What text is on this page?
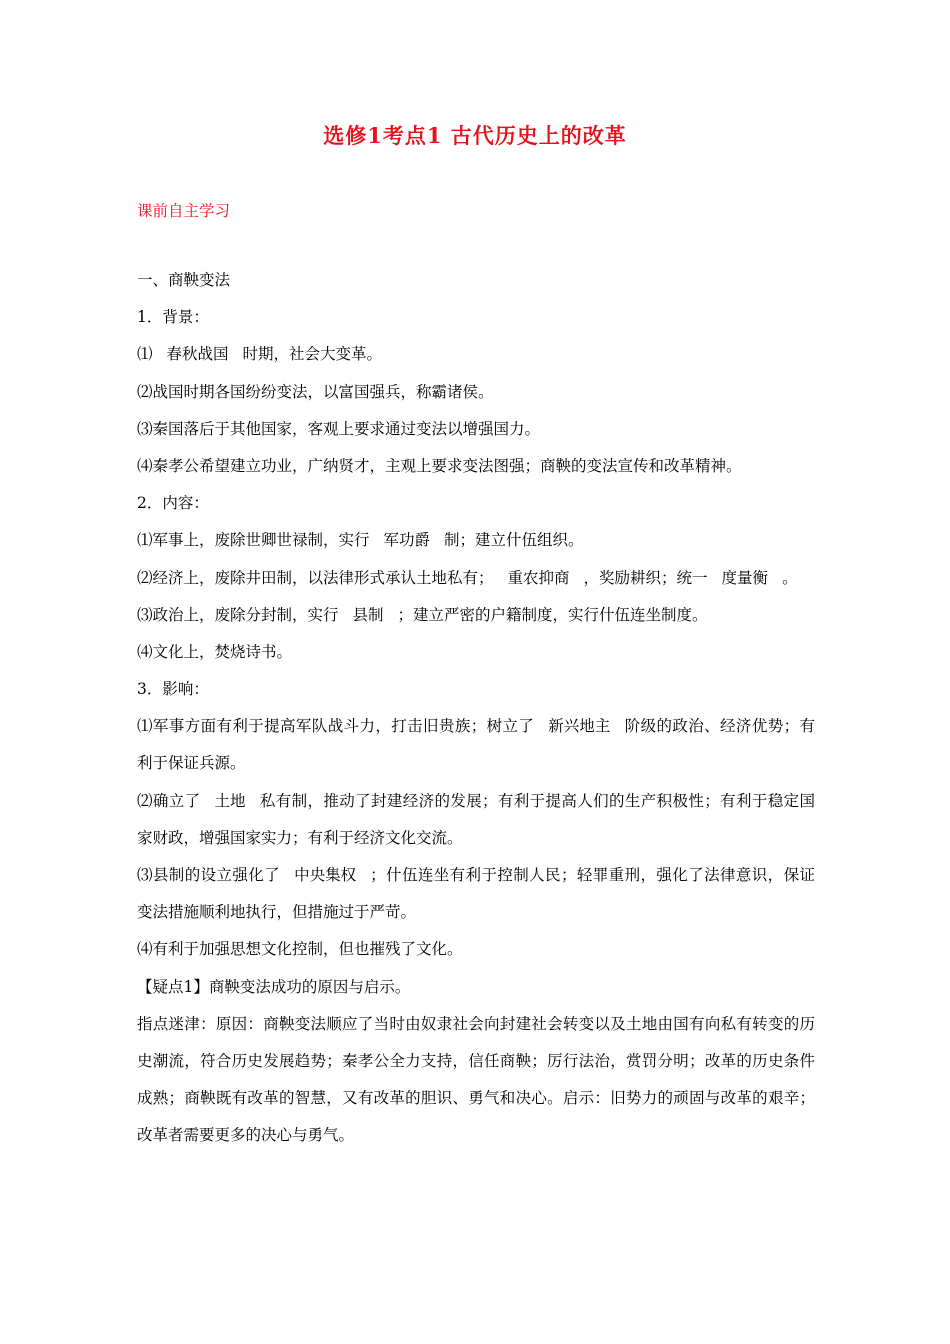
选修1考点1 古代历史上的改革
课前自主学习
一、商鞅变法
1．背景：
⑴ 春秋战国 时期，社会大变革。
⑵战国时期各国纷纷变法，以富国强兵，称霸诸侯。
⑶秦国落后于其他国家，客观上要求通过变法以增强国力。
⑷秦孝公希望建立功业，广纳贤才，主观上要求变法图强；商鞅的变法宣传和改革精神。
2．内容：
⑴军事上，废除世卿世禄制，实行 军功爵 制；建立什伍组织。
⑵经济上，废除井田制，以法律形式承认土地私有； 重农抑商 ，奖励耕织；统一 度量衡 。
⑶政治上，废除分封制，实行 县制 ；建立严密的户籍制度，实行什伍连坐制度。
⑷文化上，焚烧诗书。
3．影响：
⑴军事方面有利于提高军队战斗力，打击旧贵族；树立了 新兴地主 阶级的政治、经济优势；有利于保证兵源。
⑵确立了 土地 私有制，推动了封建经济的发展；有利于提高人们的生产积极性；有利于稳定国家财政，增强国家实力；有利于经济文化交流。
⑶县制的设立强化了 中央集权 ；什伍连坐有利于控制人民；轻罪重刑，强化了法律意识，保证变法措施顺利地执行，但措施过于严苛。
⑷有利于加强思想文化控制，但也摧残了文化。
【疑点1】商鞅变法成功的原因与启示。
指点迷津：原因：商鞅变法顺应了当时由奴隶社会向封建社会转变以及土地由国有向私有转变的历史潮流，符合历史发展趋势；秦孝公全力支持，信任商鞅；厉行法治，赏罚分明；改革的历史条件成熟；商鞅既有改革的智慧，又有改革的胆识、勇气和决心。启示：旧势力的顽固与改革的艰辛；改革者需要更多的决心与勇气。
